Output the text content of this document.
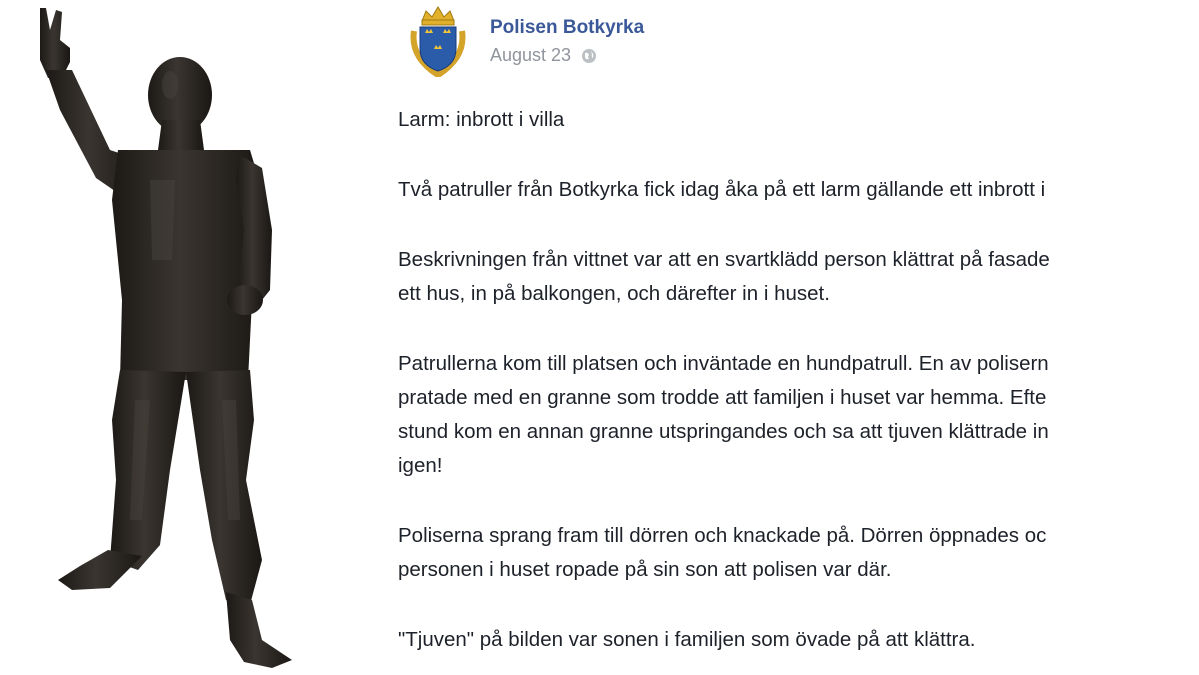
Polisen Botkyrka
August 23

Larm: inbrott i villa

Två patruller från Botkyrka fick idag åka på ett larm gällande ett inbrott i

Beskrivningen från vittnet var att en svartklädd person klättrat på fasade
ett hus, in på balkongen, och därefter in i huset.

Patrullerna kom till platsen och inväntade en hundpatrull. En av polisern
pratade med en granne som trodde att familjen i huset var hemma. Efte
stund kom en annan granne utspringandes och sa att tjuven klättrade in
igen!

Poliserna sprang fram till dörren och knackade på. Dörren öppnades oc
personen i huset ropade på sin son att polisen var där.

"Tjuven" på bilden var sonen i familjen som övade på att klättra.
